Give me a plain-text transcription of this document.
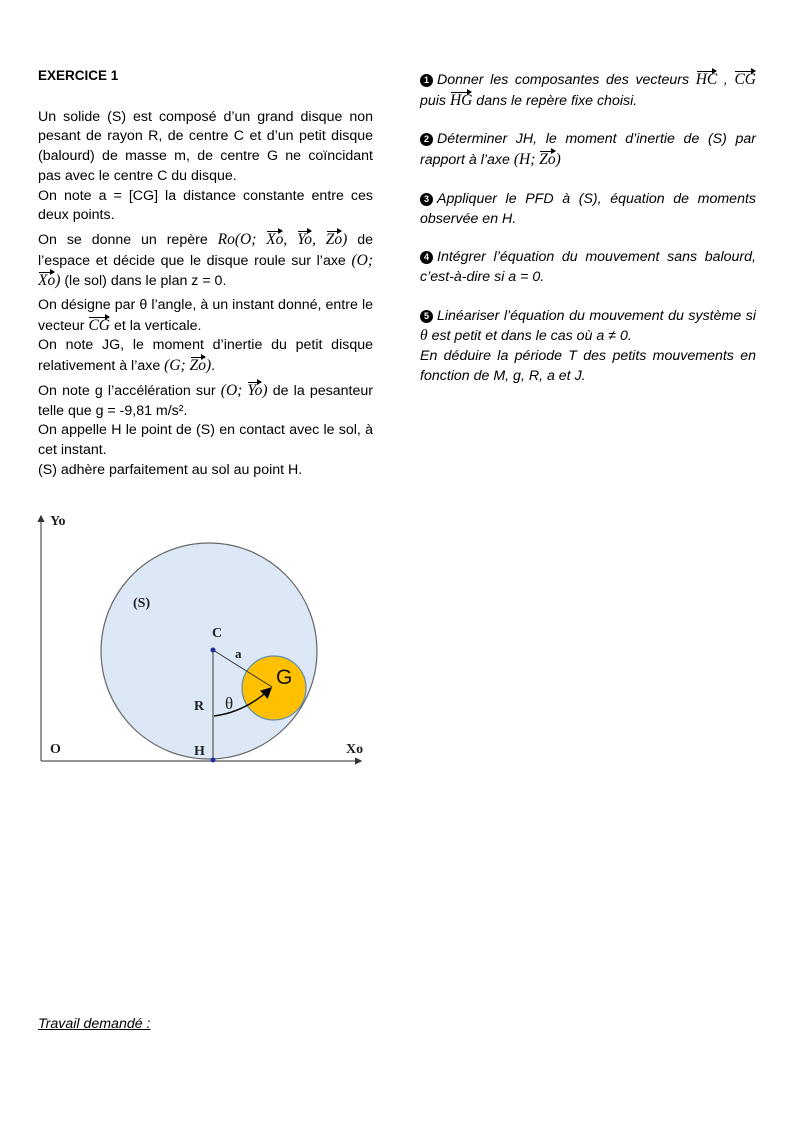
EXERCICE 1

Un solide (S) est composé d’un grand disque non pesant de rayon R, de centre C et d’un petit disque (balourd) de masse m, de centre G ne coïncidant pas avec le centre C du disque.

On note a = [CG] la distance constante entre ces deux points.

On se donne un repère Ro(O; Xo, Yo, Zo) de l’espace et décide que le disque roule sur l’axe (O; Xo) (le sol) dans le plan z = 0.

On désigne par θ l’angle, à un instant donné, entre le vecteur CG et la verticale.

On note JG, le moment d’inertie du petit disque relativement à l’axe (G; Zo).

On note g l’accélération sur (O; Yo) de la pesanteur telle que g = -9,81 m/s².

On appelle H le point de (S) en contact avec le sol, à cet instant.

(S) adhère parfaitement au sol au point H.

1 Donner les composantes des vecteurs HC , CG puis HG dans le repère fixe choisi.

2 Déterminer JH, le moment d’inertie de (S) par rapport à l’axe (H; Zo)

3 Appliquer le PFD à (S), équation de moments observée en H.

4 Intégrer l’équation du mouvement sans balourd, c’est-à-dire si a = 0.

5 Linéariser l’équation du mouvement du système si θ est petit et dans le cas où a ≠ 0.

En déduire la période T des petits mouvements en fonction de M, g, R, a et J.

Yo
Xo
O
(S)
C
H
R
a
θ
G
Travail demandé :
